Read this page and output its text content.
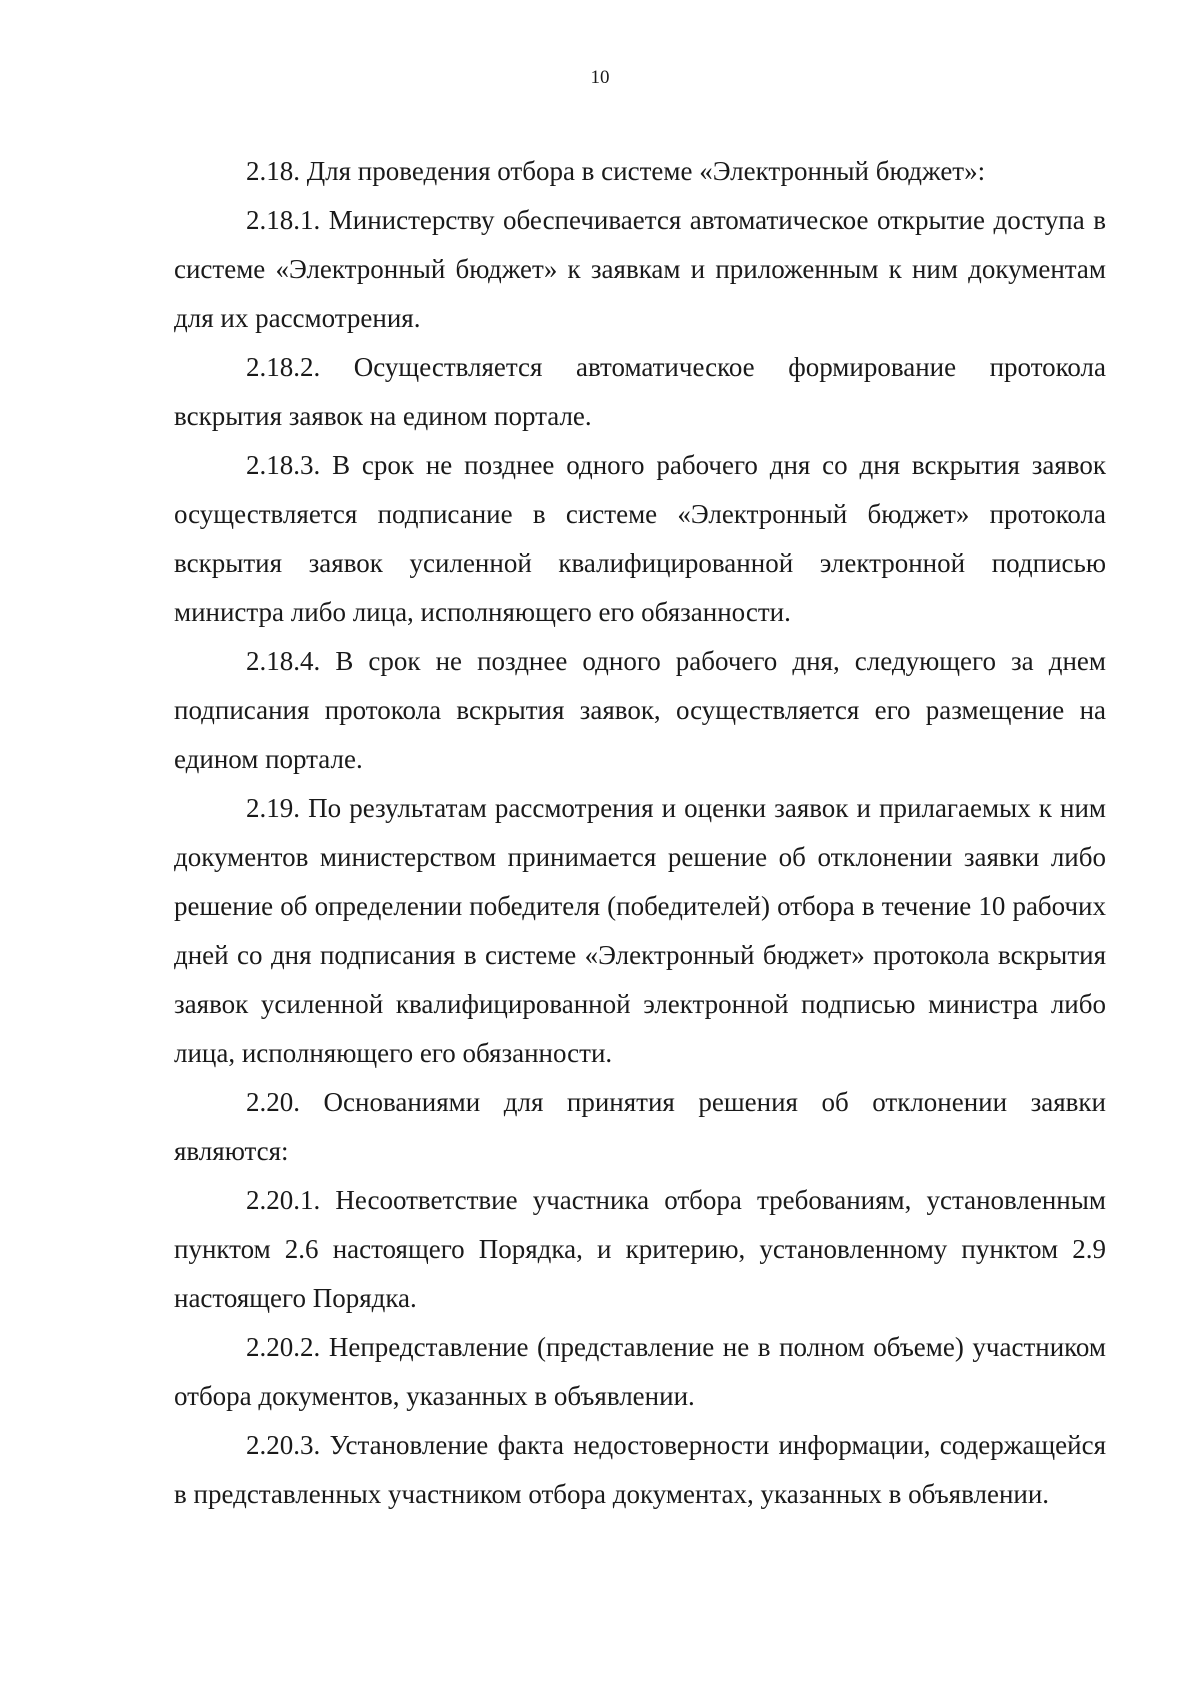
10

2.18. Для проведения отбора в системе «Электронный бюджет»:

2.18.1. Министерству обеспечивается автоматическое открытие доступа в системе «Электронный бюджет» к заявкам и приложенным к ним документам для их рассмотрения.

2.18.2. Осуществляется автоматическое формирование протокола вскрытия заявок на едином портале.

2.18.3. В срок не позднее одного рабочего дня со дня вскрытия заявок осуществляется подписание в системе «Электронный бюджет» протокола вскрытия заявок усиленной квалифицированной электронной подписью министра либо лица, исполняющего его обязанности.

2.18.4. В срок не позднее одного рабочего дня, следующего за днем подписания протокола вскрытия заявок, осуществляется его размещение на едином портале.

2.19. По результатам рассмотрения и оценки заявок и прилагаемых к ним документов министерством принимается решение об отклонении заявки либо решение об определении победителя (победителей) отбора в течение 10 рабочих дней со дня подписания в системе «Электронный бюджет» протокола вскрытия заявок усиленной квалифицированной электронной подписью министра либо лица, исполняющего его обязанности.

2.20. Основаниями для принятия решения об отклонении заявки являются:

2.20.1. Несоответствие участника отбора требованиям, установленным пунктом 2.6 настоящего Порядка, и критерию, установленному пунктом 2.9 настоящего Порядка.

2.20.2. Непредставление (представление не в полном объеме) участником отбора документов, указанных в объявлении.

2.20.3. Установление факта недостоверности информации, содержащейся в представленных участником отбора документах, указанных в объявлении.
